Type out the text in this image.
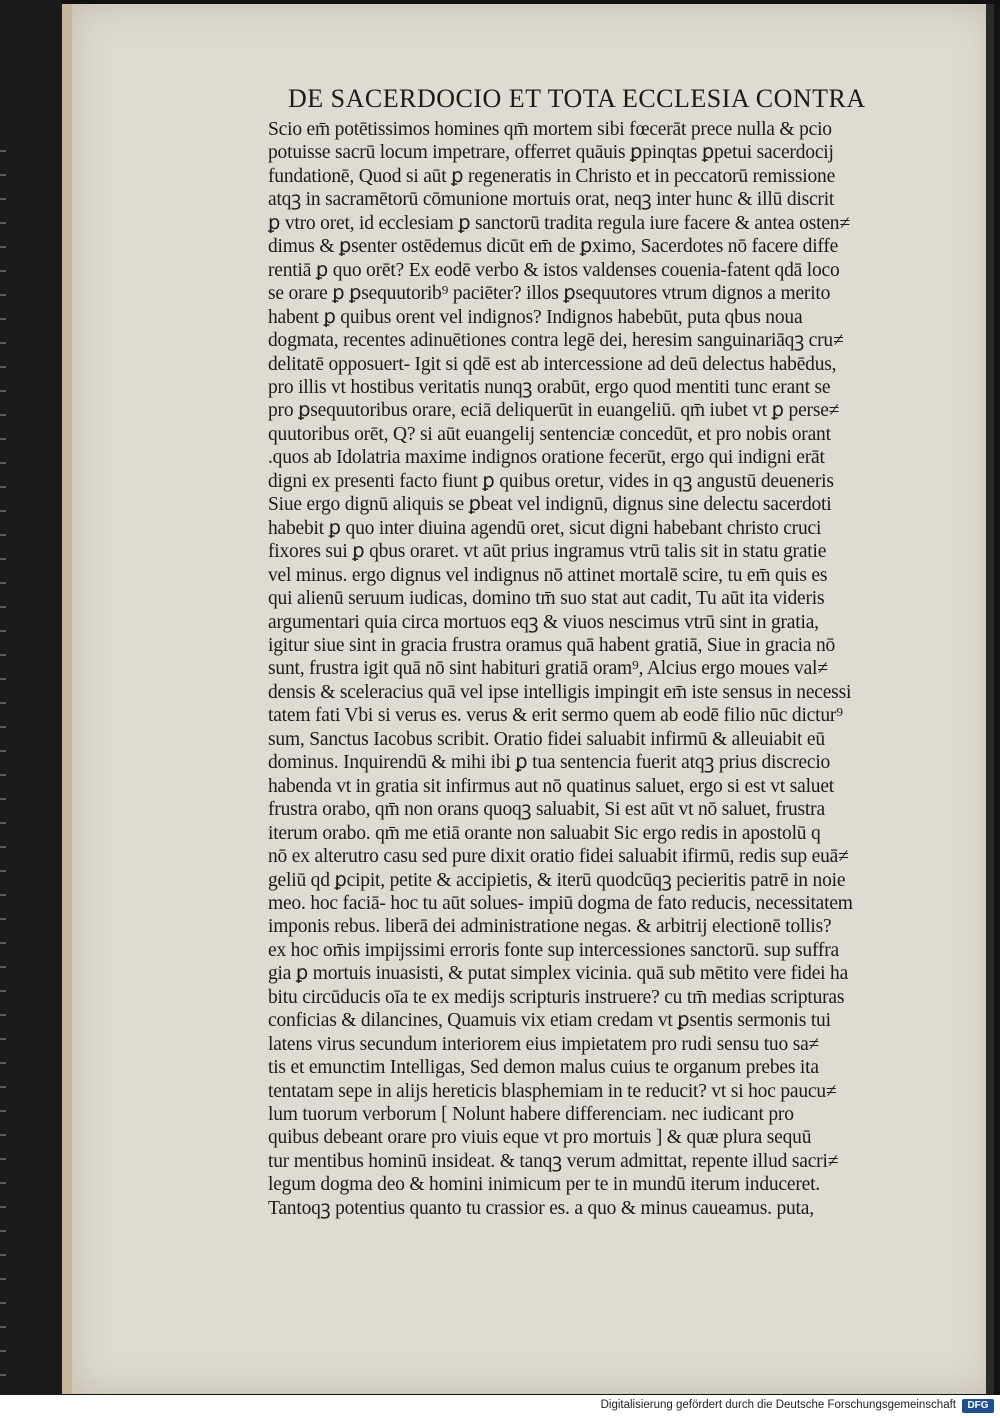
DE SACERDOCIO ET TOTA ECCLESIA CONTRA
Scio em̄ potētissimos homines qm̄ mortem sibi fœcerāt prece nulla & pcio
potuisse sacrū locum impetrare, offerret quāuis ꝑpinqtas ꝑpetui sacerdocij
fundationē, Quod si aūt ꝑ regeneratis in Christo et in peccatorū remissione
atqꝫ in sacramētorū cōmunione mortuis orat, neqꝫ inter hunc & illū discrit
ꝑ vtro oret, id ecclesiam ꝑ sanctorū tradita regula iure facere & antea osten≠
dimus & ꝑsenter ostēdemus dicūt em̄ de ꝑximo, Sacerdotes nō facere diffe
rentiā ꝑ quo orēt? Ex eodē verbo & istos valdenses couenia-fatent qdā loco
se orare ꝑ ꝑsequutorib⁹ paciēter? illos ꝑsequutores vtrum dignos a merito
habent ꝑ quibus orent vel indignos? Indignos habebūt, puta qbus noua
dogmata, recentes adinuētiones contra legē dei, heresim sanguinariāqꝫ cru≠
delitatē opposuert- Igit si qdē est ab intercessione ad deū delectus habēdus,
pro illis vt hostibus veritatis nunqꝫ orabūt, ergo quod mentiti tunc erant se
pro ꝑsequutoribus orare, eciā deliquerūt in euangeliū. qm̄ iubet vt ꝑ perse≠
quutoribus orēt, Q? si aūt euangelij sentenciæ concedūt, et pro nobis orant
.quos ab Idolatria maxime indignos oratione fecerūt, ergo qui indigni erāt
digni ex presenti facto fiunt ꝑ quibus oretur, vides in qꝫ angustū deueneris
Siue ergo dignū aliquis se ꝑbeat vel indignū, dignus sine delectu sacerdoti
habebit ꝑ quo inter diuina agendū oret, sicut digni habebant christo cruci
fixores sui ꝑ qbus oraret. vt aūt prius ingramus vtrū talis sit in statu gratie
vel minus. ergo dignus vel indignus nō attinet mortalē scire, tu em̄ quis es
qui alienū seruum iudicas, domino tm̄ suo stat aut cadit, Tu aūt ita videris
argumentari quia circa mortuos eqꝫ & viuos nescimus vtrū sint in gratia,
igitur siue sint in gracia frustra oramus quā habent gratiā, Siue in gracia nō
sunt, frustra igit quā nō sint habituri gratiā oram⁹, Alcius ergo moues val≠
densis & sceleracius quā vel ipse intelligis impingit em̄ iste sensus in necessi
tatem fati Vbi si verus es. verus & erit sermo quem ab eodē filio nūc dictur⁹
sum, Sanctus Iacobus scribit. Oratio fidei saluabit infirmū & alleuiabit eū
dominus. Inquirendū & mihi ibi ꝑ tua sentencia fuerit atqꝫ prius discrecio
habenda vt in gratia sit infirmus aut nō quatinus saluet, ergo si est vt saluet
frustra orabo, qm̄ non orans quoqꝫ saluabit, Si est aūt vt nō saluet, frustra
iterum orabo. qm̄ me etiā orante non saluabit Sic ergo redis in apostolū q
nō ex alterutro casu sed pure dixit oratio fidei saluabit ifirmū, redis sup euā≠
geliū qd ꝑcipit, petite & accipietis, & iterū quodcūqꝫ pecieritis patrē in noie
meo. hoc faciā- hoc tu aūt solues- impiū dogma de fato reducis, necessitatem
imponis rebus. liberā dei administratione negas. & arbitrij electionē tollis?
ex hoc om̄is impijssimi erroris fonte sup intercessiones sanctorū. sup suffra
gia ꝑ mortuis inuasisti, & putat simplex vicinia. quā sub mētito vere fidei ha
bitu circūducis oīa te ex medijs scripturis instruere? cu tm̄ medias scripturas
conficias & dilancines, Quamuis vix etiam credam vt ꝑsentis sermonis tui
latens virus secundum interiorem eius impietatem pro rudi sensu tuo sa≠
tis et emunctim Intelligas, Sed demon malus cuius te organum prebes ita
tentatam sepe in alijs hereticis blasphemiam in te reducit? vt si hoc paucu≠
lum tuorum verborum [ Nolunt habere differenciam. nec iudicant pro
quibus debeant orare pro viuis eque vt pro mortuis ] & quæ plura sequū
tur mentibus hominū insideat. & tanqꝫ verum admittat, repente illud sacri≠
legum dogma deo & homini inimicum per te in mundū iterum induceret.
Tantoqꝫ potentius quanto tu crassior es. a quo & minus caueamus. puta,
Digitalisierung gefördert durch die Deutsche Forschungsgemeinschaft	DFG
